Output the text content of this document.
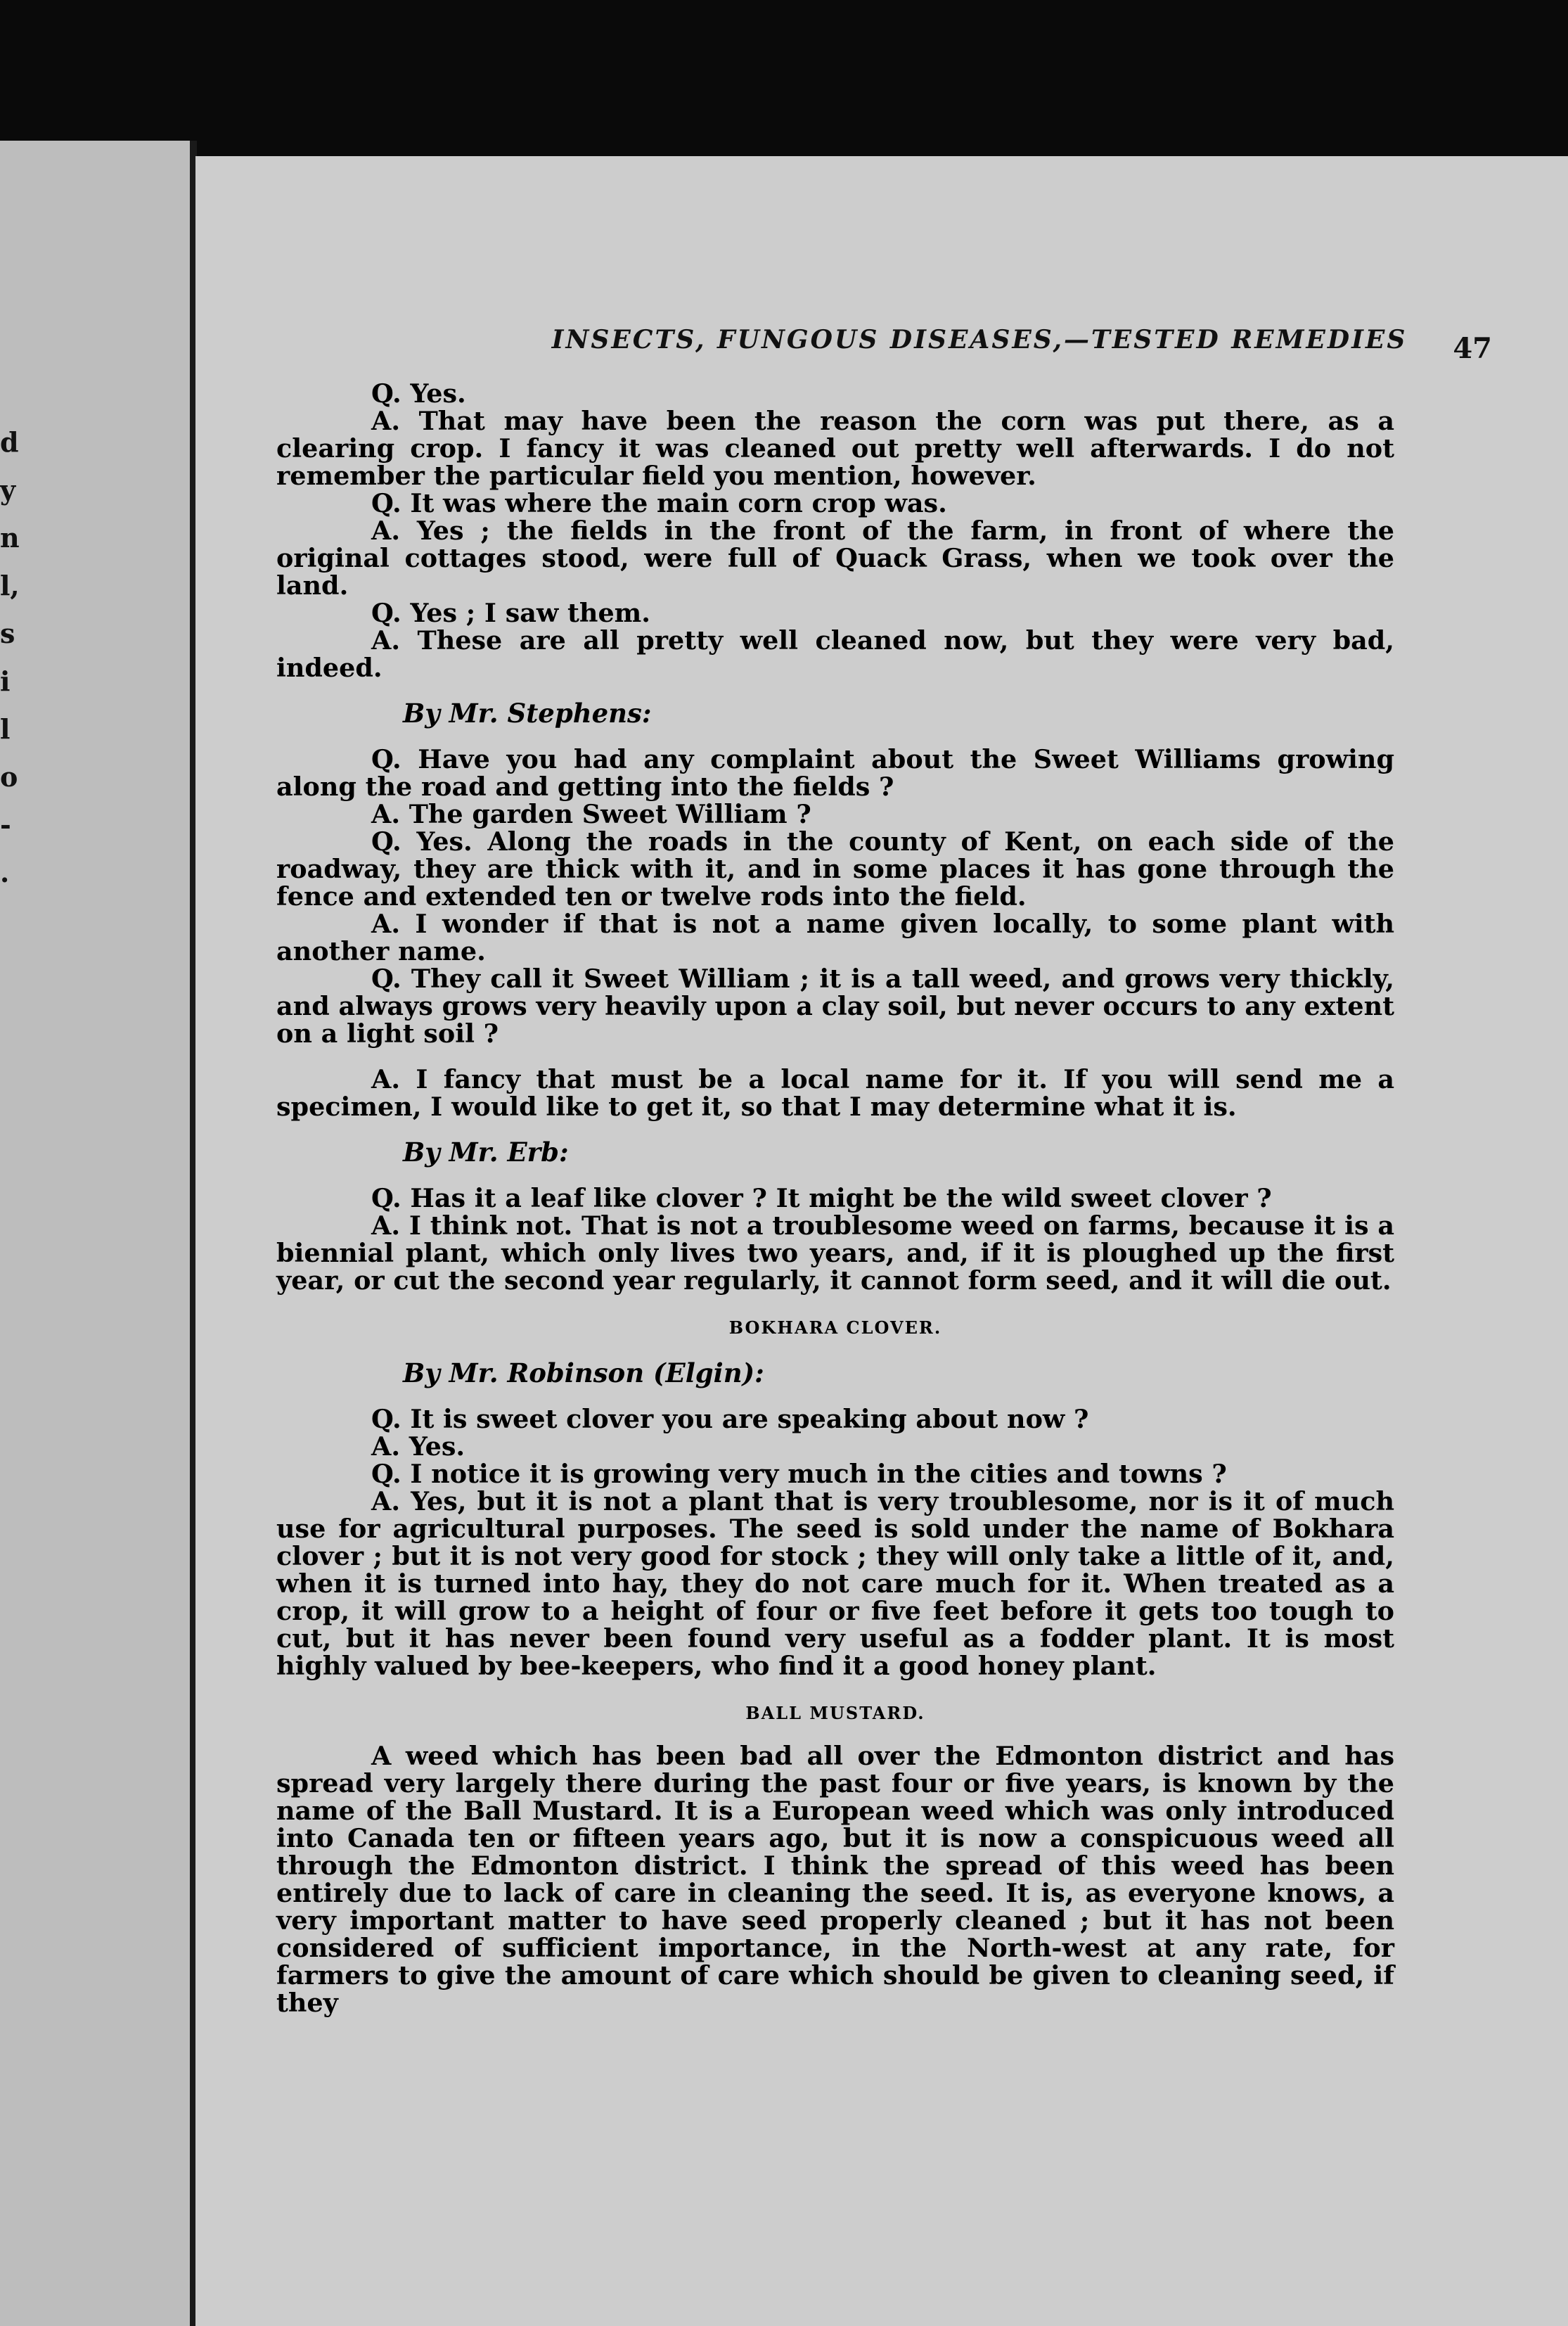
d
y
n
l,
s
i
l
o
-
.
INSECTS, FUNGOUS DISEASES,—TESTED REMEDIES	47

Q. Yes.

A. That may have been the reason the corn was put there, as a clearing crop. I fancy it was cleaned out pretty well afterwards. I do not remember the particular field you mention, however.

Q. It was where the main corn crop was.

A. Yes ; the fields in the front of the farm, in front of where the original cottages stood, were full of Quack Grass, when we took over the land.

Q. Yes ; I saw them.

A. These are all pretty well cleaned now, but they were very bad, indeed.

By Mr. Stephens:

Q. Have you had any complaint about the Sweet Williams growing along the road and getting into the fields ?

A. The garden Sweet William ?

Q. Yes. Along the roads in the county of Kent, on each side of the roadway, they are thick with it, and in some places it has gone through the fence and extended ten or twelve rods into the field.

A. I wonder if that is not a name given locally, to some plant with another name.

Q. They call it Sweet William ; it is a tall weed, and grows very thickly, and always grows very heavily upon a clay soil, but never occurs to any extent on a light soil ?

A. I fancy that must be a local name for it. If you will send me a specimen, I would like to get it, so that I may determine what it is.

By Mr. Erb:

Q. Has it a leaf like clover ? It might be the wild sweet clover ?

A. I think not. That is not a troublesome weed on farms, because it is a biennial plant, which only lives two years, and, if it is ploughed up the first year, or cut the second year regularly, it cannot form seed, and it will die out.

BOKHARA CLOVER.
By Mr. Robinson (Elgin):

Q. It is sweet clover you are speaking about now ?

A. Yes.

Q. I notice it is growing very much in the cities and towns ?

A. Yes, but it is not a plant that is very troublesome, nor is it of much use for agricultural purposes. The seed is sold under the name of Bokhara clover ; but it is not very good for stock ; they will only take a little of it, and, when it is turned into hay, they do not care much for it. When treated as a crop, it will grow to a height of four or five feet before it gets too tough to cut, but it has never been found very useful as a fodder plant. It is most highly valued by bee-keepers, who find it a good honey plant.

BALL MUSTARD.

A weed which has been bad all over the Edmonton district and has spread very largely there during the past four or five years, is known by the name of the Ball Mustard. It is a European weed which was only introduced into Canada ten or fifteen years ago, but it is now a conspicuous weed all through the Edmonton district. I think the spread of this weed has been entirely due to lack of care in cleaning the seed. It is, as everyone knows, a very important matter to have seed properly cleaned ; but it has not been considered of sufficient importance, in the North-west at any rate, for farmers to give the amount of care which should be given to cleaning seed, if they
